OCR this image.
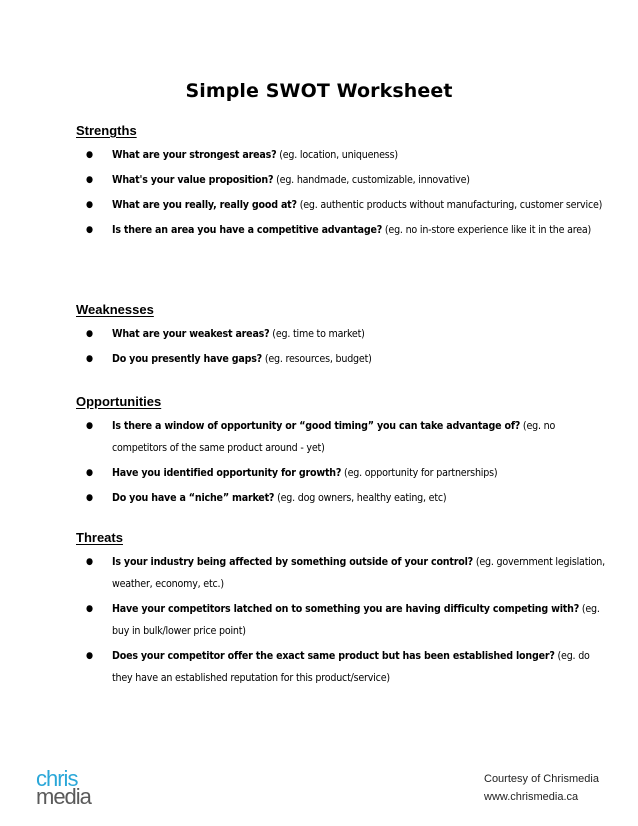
Simple SWOT Worksheet
Strengths
● What are your strongest areas? (eg. location, uniqueness)
● What's your value proposition? (eg. handmade, customizable, innovative)
● What are you really, really good at? (eg. authentic products without manufacturing, customer service)
● Is there an area you have a competitive advantage? (eg. no in-store experience like it in the area)
Weaknesses
● What are your weakest areas? (eg. time to market)
● Do you presently have gaps? (eg. resources, budget)
Opportunities
● Is there a window of opportunity or “good timing” you can take advantage of? (eg. no competitors of the same product around - yet)
● Have you identified opportunity for growth? (eg. opportunity for partnerships)
● Do you have a “niche” market? (eg. dog owners, healthy eating, etc)
Threats
● Is your industry being affected by something outside of your control? (eg. government legislation, weather, economy, etc.)
● Have your competitors latched on to something you are having difficulty competing with? (eg. buy in bulk/lower price point)
● Does your competitor offer the exact same product but has been established longer? (eg. do they have an established reputation for this product/service)
chris
media
Courtesy of Chrismedia
www.chrismedia.ca
